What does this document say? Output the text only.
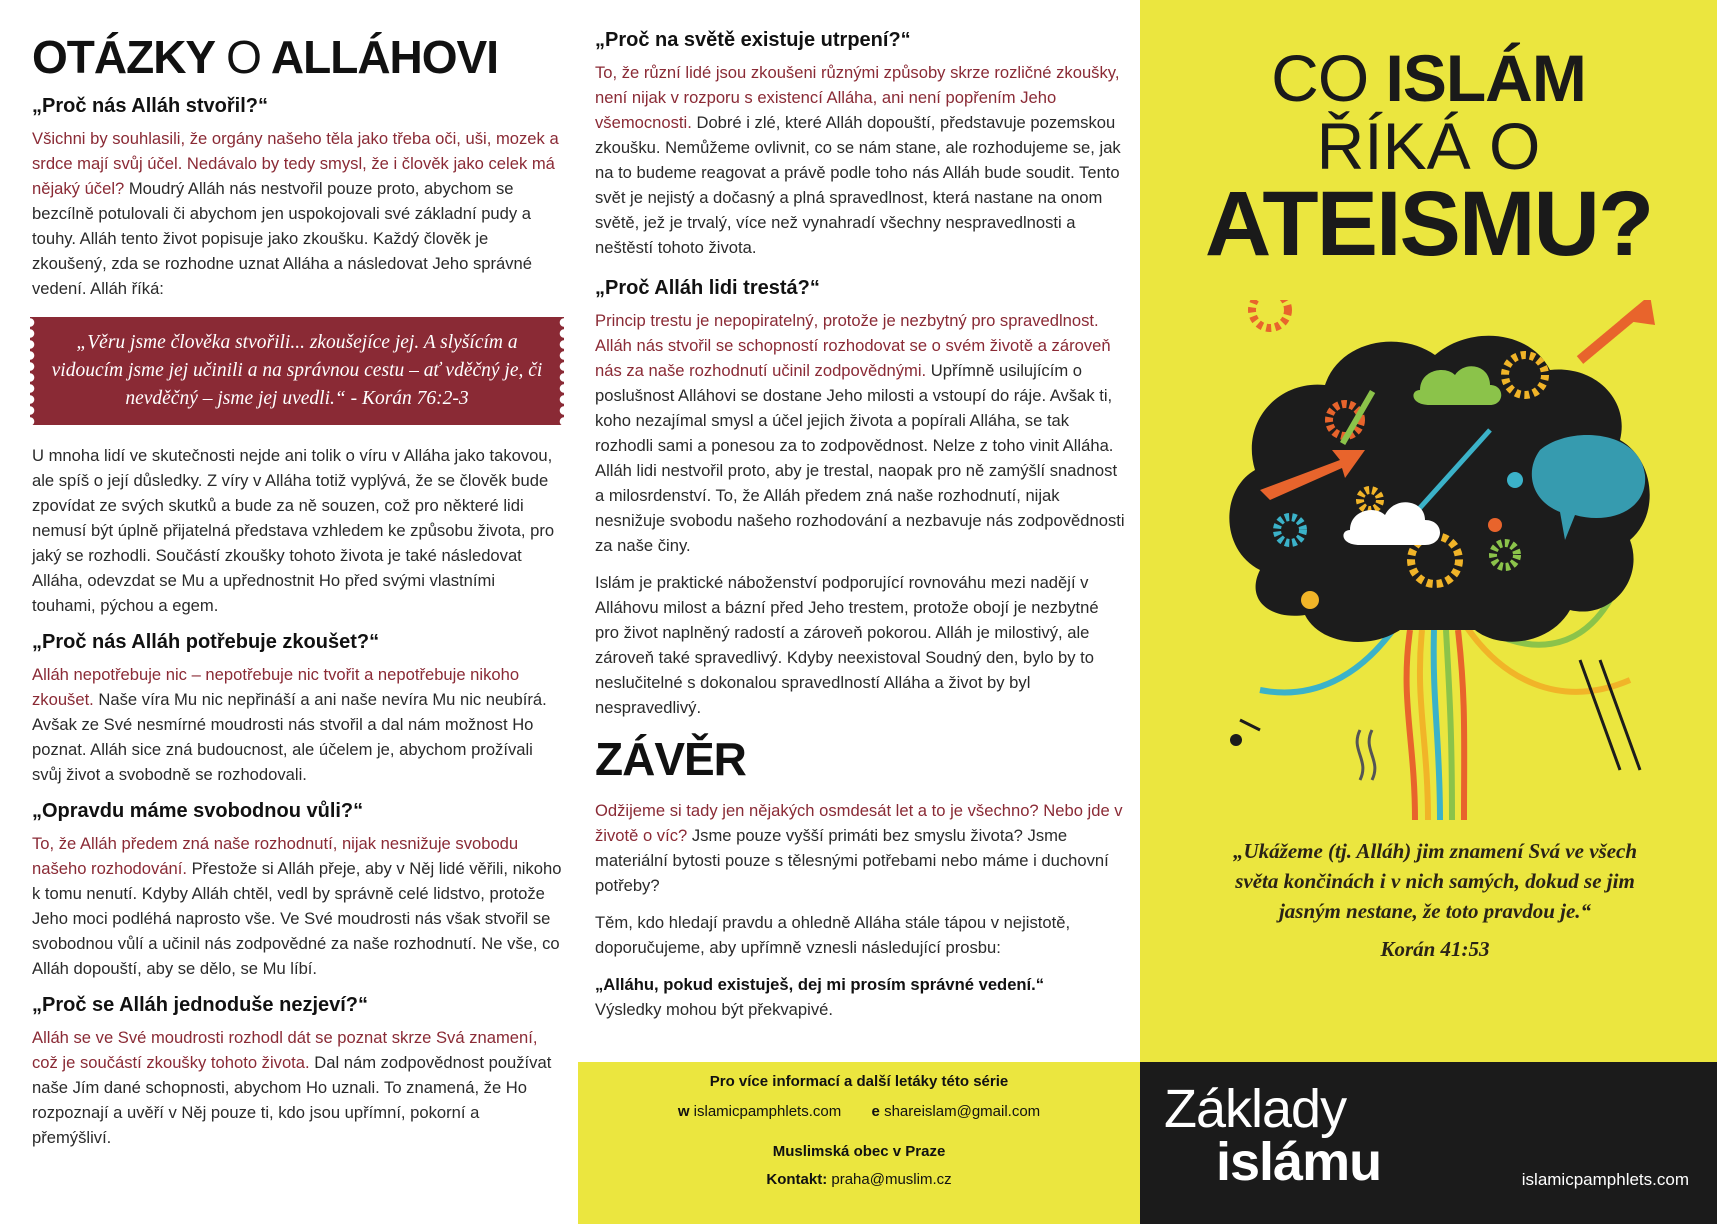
OTÁZKY O ALLÁHOVI
„Proč nás Alláh stvořil?“

Všichni by souhlasili, že orgány našeho těla jako třeba oči, uši, mozek a srdce mají svůj účel. Nedávalo by tedy smysl, že i člověk jako celek má nějaký účel? Moudrý Alláh nás nestvořil pouze proto, abychom se bezcílně potulovali či abychom jen uspokojovali své základní pudy a touhy. Alláh tento život popisuje jako zkoušku. Každý člověk je zkoušený, zda se rozhodne uznat Alláha a následovat Jeho správné vedení. Alláh říká:

„Věru jsme člověka stvořili... zkoušejíce jej. A slyšícím a vidoucím jsme jej učinili a na správnou cestu – ať vděčný je, či nevděčný – jsme jej uvedli.“ - Korán 76:2-3

U mnoha lidí ve skutečnosti nejde ani tolik o víru v Alláha jako takovou, ale spíš o její důsledky. Z víry v Alláha totiž vyplývá, že se člověk bude zpovídat ze svých skutků a bude za ně souzen, což pro některé lidi nemusí být úplně přijatelná představa vzhledem ke způsobu života, pro jaký se rozhodli. Součástí zkoušky tohoto života je také následovat Alláha, odevzdat se Mu a upřednostnit Ho před svými vlastními touhami, pýchou a egem.

„Proč nás Alláh potřebuje zkoušet?“

Alláh nepotřebuje nic – nepotřebuje nic tvořit a nepotřebuje nikoho zkoušet. Naše víra Mu nic nepřináší a ani naše nevíra Mu nic neubírá. Avšak ze Své nesmírné moudrosti nás stvořil a dal nám možnost Ho poznat. Alláh sice zná budoucnost, ale účelem je, abychom prožívali svůj život a svobodně se rozhodovali.

„Opravdu máme svobodnou vůli?“

To, že Alláh předem zná naše rozhodnutí, nijak nesnižuje svobodu našeho rozhodování. Přestože si Alláh přeje, aby v Něj lidé věřili, nikoho k tomu nenutí. Kdyby Alláh chtěl, vedl by správně celé lidstvo, protože Jeho moci podléhá naprosto vše. Ve Své moudrosti nás však stvořil se svobodnou vůlí a učinil nás zodpovědné za naše rozhodnutí. Ne vše, co Alláh dopouští, aby se dělo, se Mu líbí.

„Proč se Alláh jednoduše nezjeví?“

Alláh se ve Své moudrosti rozhodl dát se poznat skrze Svá znamení, což je součástí zkoušky tohoto života. Dal nám zodpovědnost používat naše Jím dané schopnosti, abychom Ho uznali. To znamená, že Ho rozpoznají a uvěří v Něj pouze ti, kdo jsou upřímní, pokorní a přemýšliví.

„Proč na světě existuje utrpení?“

To, že různí lidé jsou zkoušeni různými způsoby skrze rozličné zkoušky, není nijak v rozporu s existencí Alláha, ani není popřením Jeho všemocnosti. Dobré i zlé, které Alláh dopouští, představuje pozemskou zkoušku. Nemůžeme ovlivnit, co se nám stane, ale rozhodujeme se, jak na to budeme reagovat a právě podle toho nás Alláh bude soudit. Tento svět je nejistý a dočasný a plná spravedlnost, která nastane na onom světě, jež je trvalý, více než vynahradí všechny nespravedlnosti a neštěstí tohoto života.

„Proč Alláh lidi trestá?“

Princip trestu je nepopiratelný, protože je nezbytný pro spravedlnost. Alláh nás stvořil se schopností rozhodovat se o svém životě a zároveň nás za naše rozhodnutí učinil zodpovědnými. Upřímně usilujícím o poslušnost Alláhovi se dostane Jeho milosti a vstoupí do ráje. Avšak ti, koho nezajímal smysl a účel jejich života a popírali Alláha, se tak rozhodli sami a ponesou za to zodpovědnost. Nelze z toho vinit Alláha. Alláh lidi nestvořil proto, aby je trestal, naopak pro ně zamýšlí snadnost a milosrdenství. To, že Alláh předem zná naše rozhodnutí, nijak nesnižuje svobodu našeho rozhodování a nezbavuje nás zodpovědnosti za naše činy.

Islám je praktické náboženství podporující rovnováhu mezi nadějí v Alláhovu milost a bázní před Jeho trestem, protože obojí je nezbytné pro život naplněný radostí a zároveň pokorou. Alláh je milostivý, ale zároveň také spravedlivý. Kdyby neexistoval Soudný den, bylo by to neslučitelné s dokonalou spravedlností Alláha a život by byl nespravedlivý.

ZÁVĚR

Odžijeme si tady jen nějakých osmdesát let a to je všechno? Nebo jde v životě o víc? Jsme pouze vyšší primáti bez smyslu života? Jsme materiální bytosti pouze s tělesnými potřebami nebo máme i duchovní potřeby?

Těm, kdo hledají pravdu a ohledně Alláha stále tápou v nejistotě, doporučujeme, aby upřímně vznesli následující prosbu:

„Alláhu, pokud existuješ, dej mi prosím správné vedení.“
Výsledky mohou být překvapivé.

Pro více informací a další letáky této série
w islamicpamphlets.com e shareislam@gmail.com
Muslimská obec v Praze
Kontakt: praha@muslim.cz
CO ISLÁM
ŘÍKÁ O
ATEISMU?
„Ukážeme (tj. Alláh) jim znamení Svá ve všech světa končinách i v nich samých, dokud se jim jasným nestane, že toto pravdou je.“
Korán 41:53
Základy
islámu	islamicpamphlets.com
